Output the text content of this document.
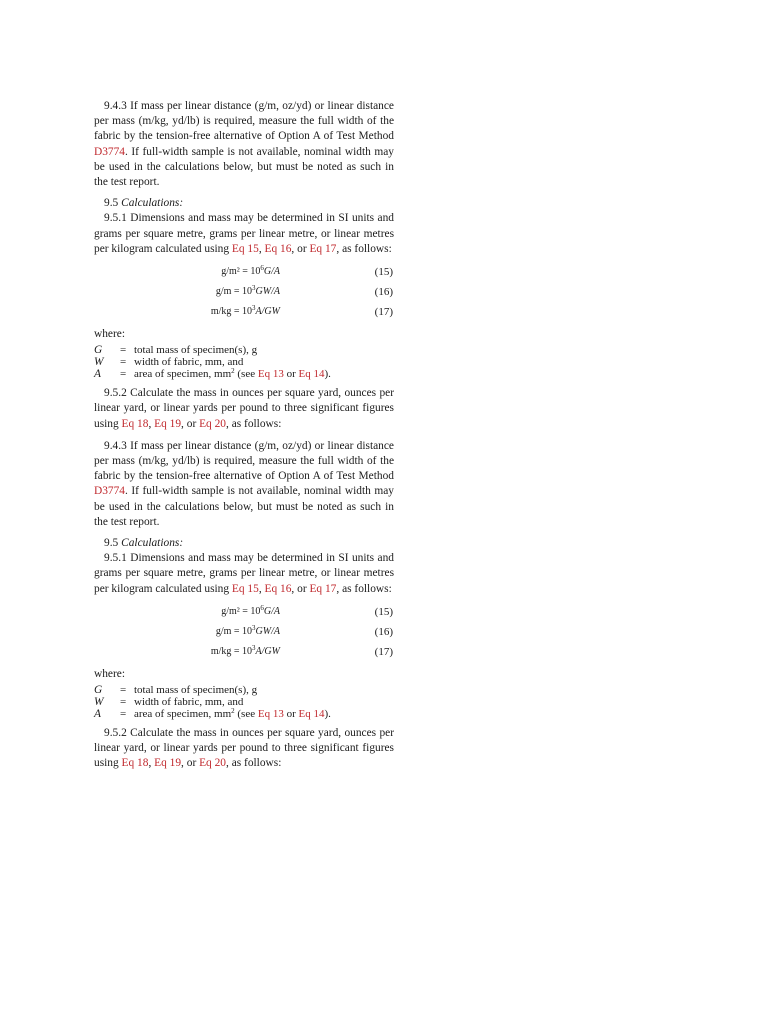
9.4.3 If mass per linear distance (g/m, oz/yd) or linear distance per mass (m/kg, yd/lb) is required, measure the full width of the fabric by the tension-free alternative of Option A of Test Method D3774. If full-width sample is not available, nominal width may be used in the calculations below, but must be noted as such in the test report.

9.5 Calculations:

9.5.1 Dimensions and mass may be determined in SI units and grams per square metre, grams per linear metre, or linear metres per kilogram calculated using Eq 15, Eq 16, or Eq 17, as follows:

$g/m^2 = 10^6G/A$	(15)
$g/m = 10^3GW/A$	(16)
$m/kg = 10^3A/GW$	(17)

where:

G	= total mass of specimen(s), g
W	= width of fabric, mm, and
A	= area of specimen, $mm^2$ (see Eq 13 or Eq 14).

9.5.2 Calculate the mass in ounces per square yard, ounces per linear yard, or linear yards per pound to three significant figures using Eq 18, Eq 19, or Eq 20, as follows:

9.4.3 If mass per linear distance (g/m, oz/yd) or linear distance per mass (m/kg, yd/lb) is required, measure the full width of the fabric by the tension-free alternative of Option A of Test Method D3774. If full-width sample is not available, nominal width may be used in the calculations below, but must be noted as such in the test report.

9.5 Calculations:

9.5.1 Dimensions and mass may be determined in SI units and grams per square metre, grams per linear metre, or linear metres per kilogram calculated using Eq 15, Eq 16, or Eq 17, as follows:

$g/m^2 = 10^6G/A$	(15)
$g/m = 10^3GW/A$	(16)
$m/kg = 10^3A/GW$	(17)

where:

G	= total mass of specimen(s), g
W	= width of fabric, mm, and
A	= area of specimen, $mm^2$ (see Eq 13 or Eq 14).

9.5.2 Calculate the mass in ounces per square yard, ounces per linear yard, or linear yards per pound to three significant figures using Eq 18, Eq 19, or Eq 20, as follows:
